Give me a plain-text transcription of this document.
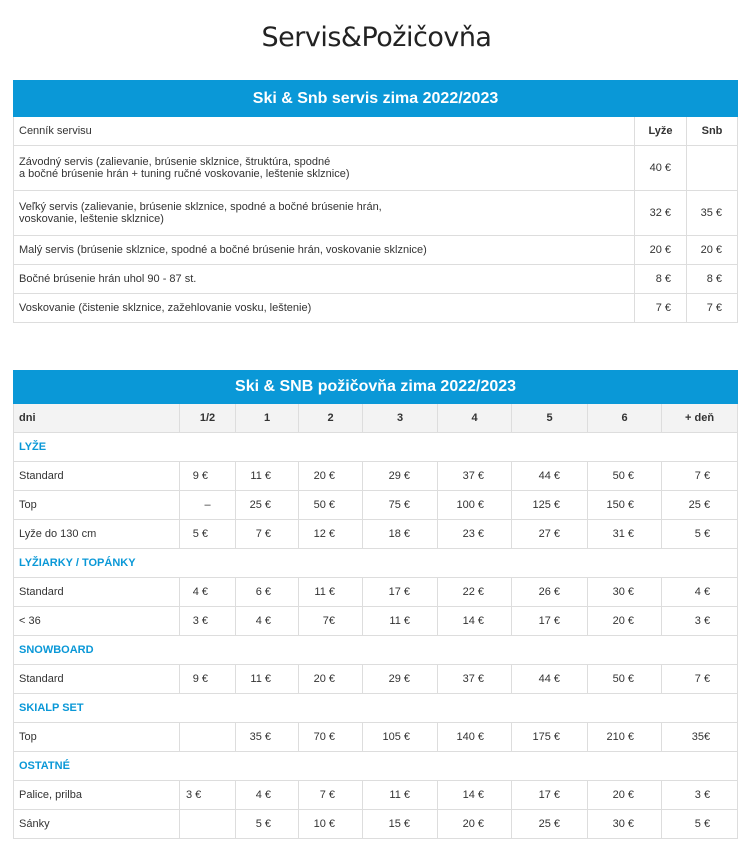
Servis&Požičovňa
Ski & Snb servis zima 2022/2023		
Cenník servisu	Lyže	Snb
Závodný servis (zalievanie, brúsenie sklznice, štruktúra, spodné
a bočné brúsenie hrán + tuning ručné voskovanie, leštenie sklznice)	40 €	
Veľký servis (zalievanie, brúsenie sklznice, spodné a bočné brúsenie hrán,
voskovanie, leštenie sklznice)	32 €	35 €
Malý servis (brúsenie sklznice, spodné a bočné brúsenie hrán, voskovanie sklznice)	20 €	20 €
Bočné brúsenie hrán uhol 90 - 87 st.	8 €	8 €
Voskovanie (čistenie sklznice, zažehlovanie vosku, leštenie)	7 €	7 €
Ski & SNB požičovňa zima 2022/2023								
dni	1/2	1	2	3	4	5	6	+ deň
LYŽE								
Standard	9 €	11 €	20 €	29 €	37 €	44 €	50 €	7 €
Top	–	25 €	50 €	75 €	100 €	125 €	150 €	25 €
Lyže do 130 cm	5 €	7 €	12 €	18 €	23 €	27 €	31 €	5 €
LYŽIARKY / TOPÁNKY								
Standard	4 €	6 €	11 €	17 €	22 €	26 €	30 €	4 €
< 36	3 €	4 €	7€	11 €	14 €	17 €	20 €	3 €
SNOWBOARD								
Standard	9 €	11 €	20 €	29 €	37 €	44 €	50 €	7 €
SKIALP SET								
Top		35 €	70 €	105 €	140 €	175 €	210 €	35€
OSTATNÉ								
Palice, prilba	3 €	4 €	7 €	11 €	14 €	17 €	20 €	3 €
Sánky		5 €	10 €	15 €	20 €	25 €	30 €	5 €
